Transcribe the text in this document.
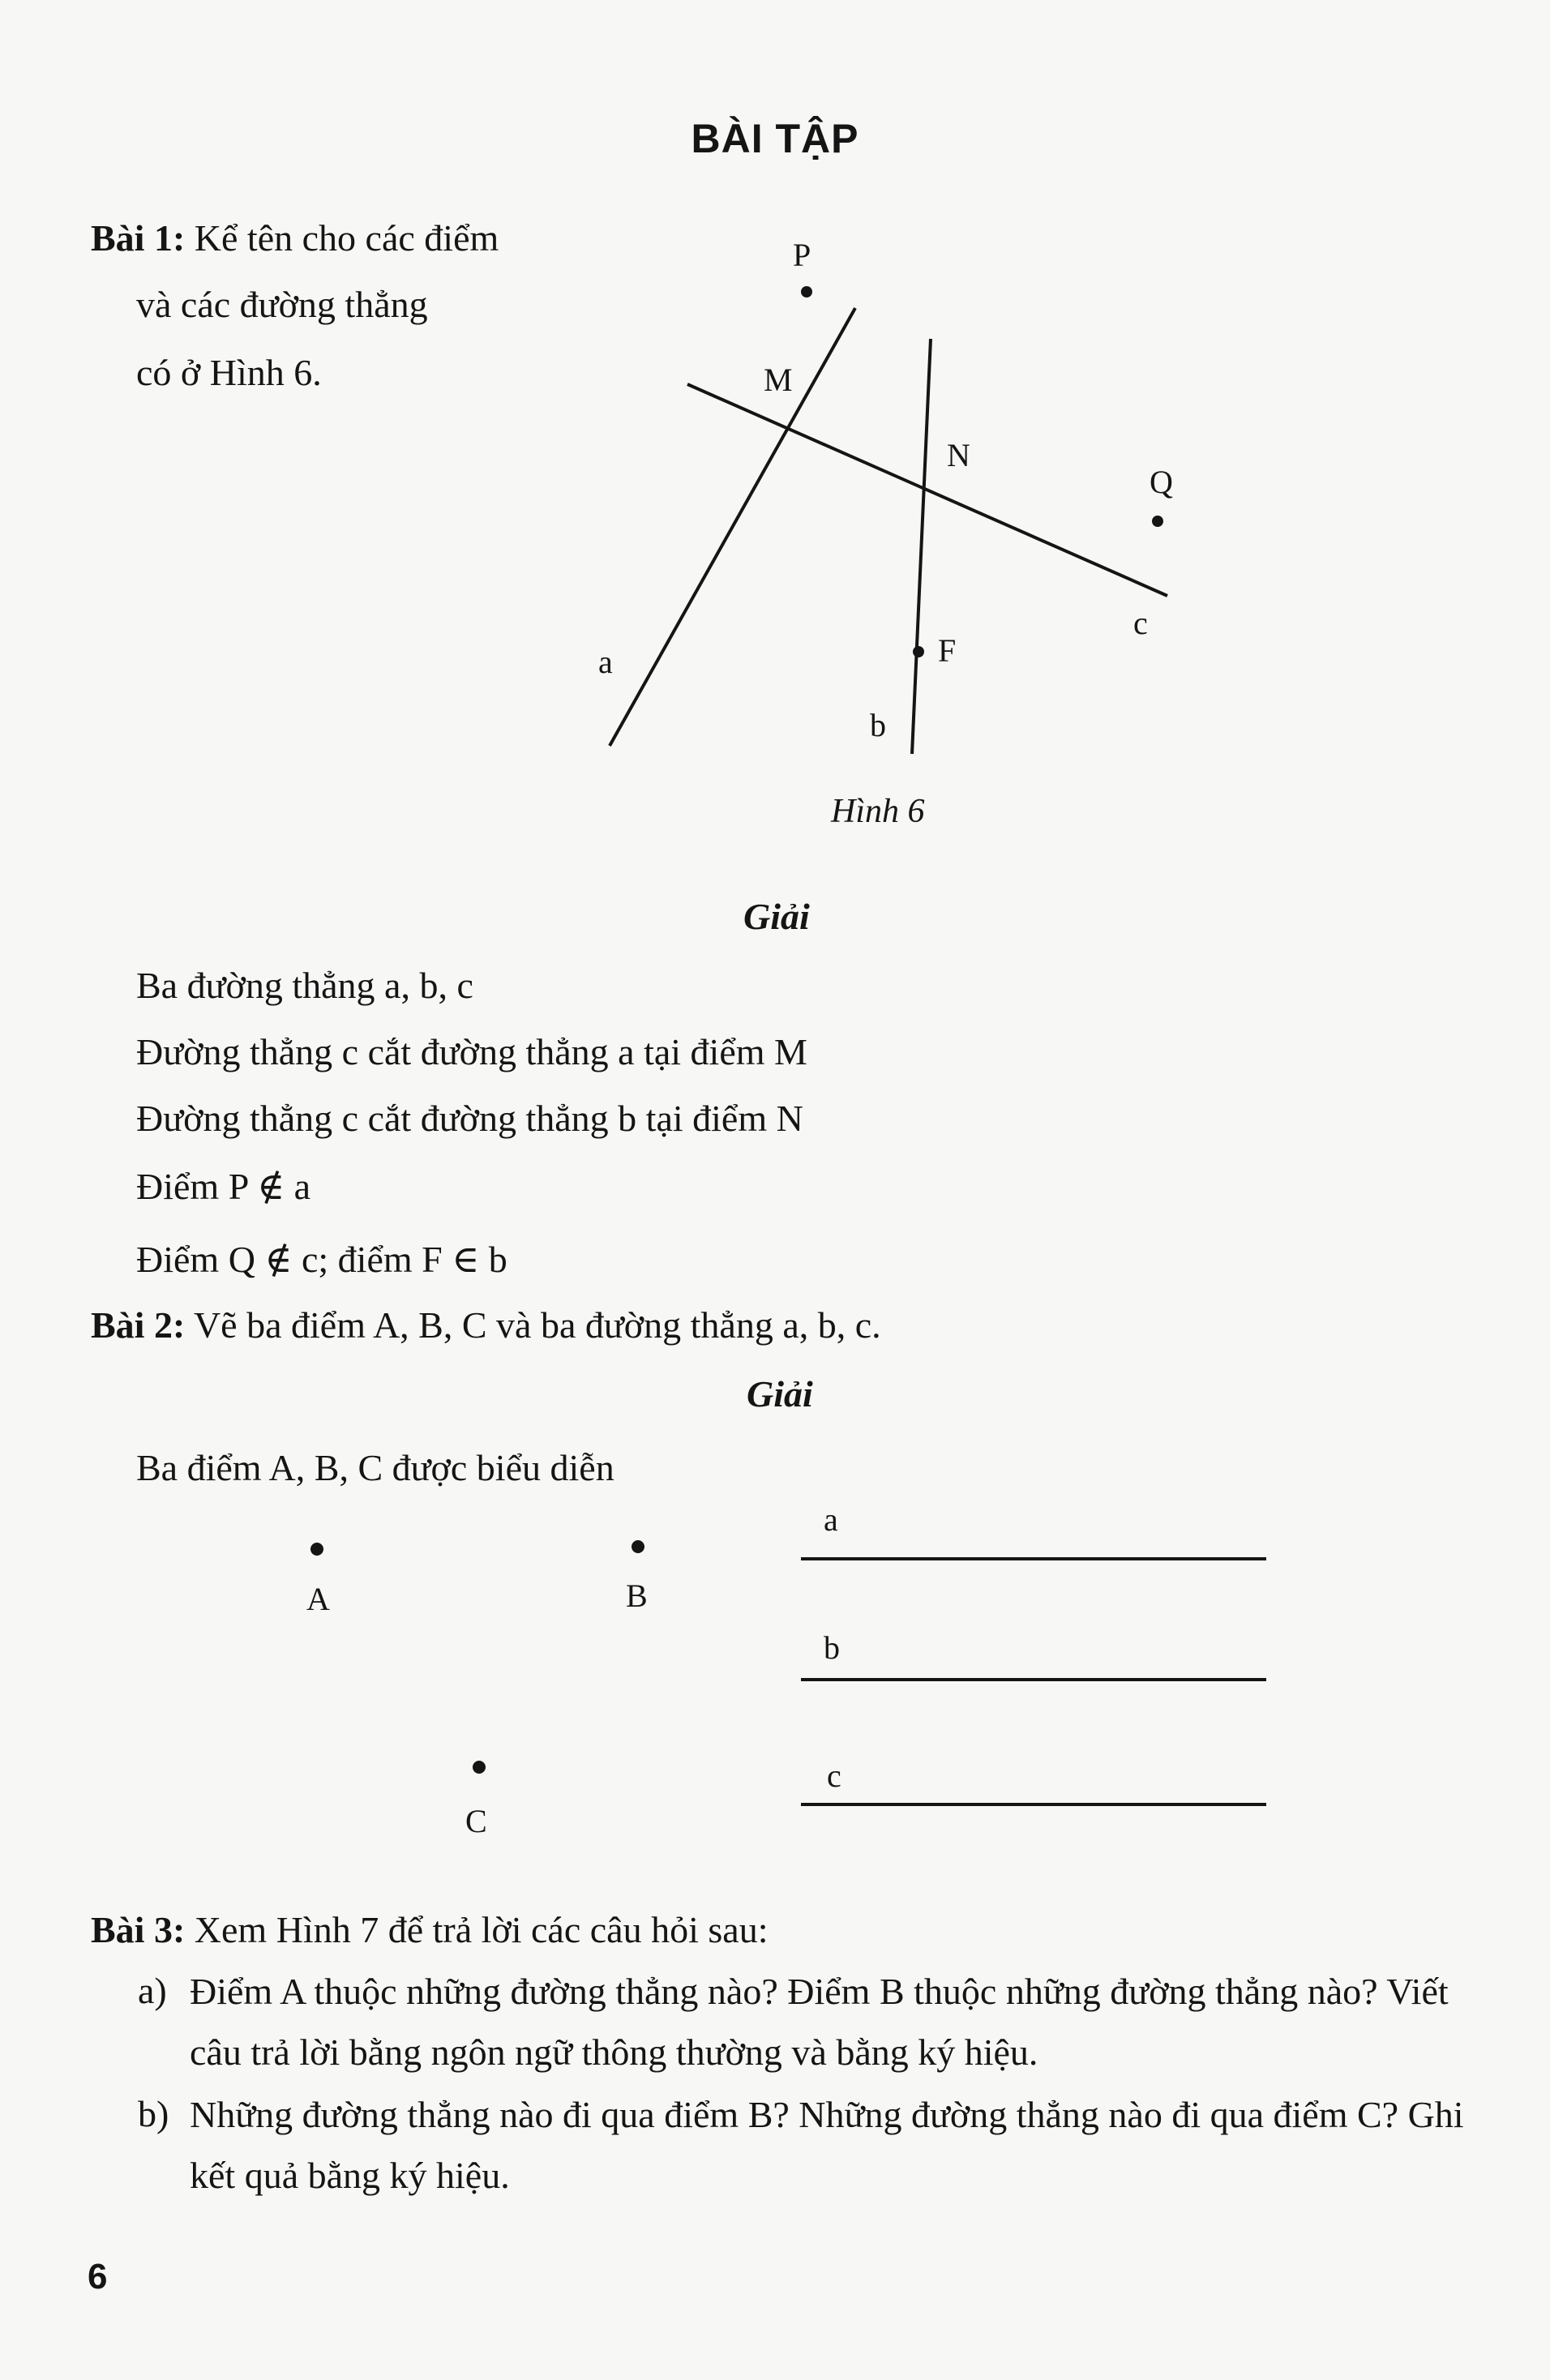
BÀI TẬP
Bài 1: Kể tên cho các điểm
và các đường thẳng
có ở Hình 6.
P
M
N
Q
c
F
a
b
Hình 6
Giải
Ba đường thẳng a, b, c
Đường thẳng c cắt đường thẳng a tại điểm M
Đường thẳng c cắt đường thẳng b tại điểm N
Điểm P ∉ a
Điểm Q ∉ c; điểm F ∈ b
Bài 2: Vẽ ba điểm A, B, C và ba đường thẳng a, b, c.
Giải
Ba điểm A, B, C được biểu diễn
A	B
C
a
b
c
Bài 3: Xem Hình 7 để trả lời các câu hỏi sau:
a) Điểm A thuộc những đường thẳng nào? Điểm B thuộc những đường thẳng nào? Viết câu trả lời bằng ngôn ngữ thông thường và bằng ký hiệu.
b) Những đường thẳng nào đi qua điểm B? Những đường thẳng nào đi qua điểm C? Ghi kết quả bằng ký hiệu.
6
